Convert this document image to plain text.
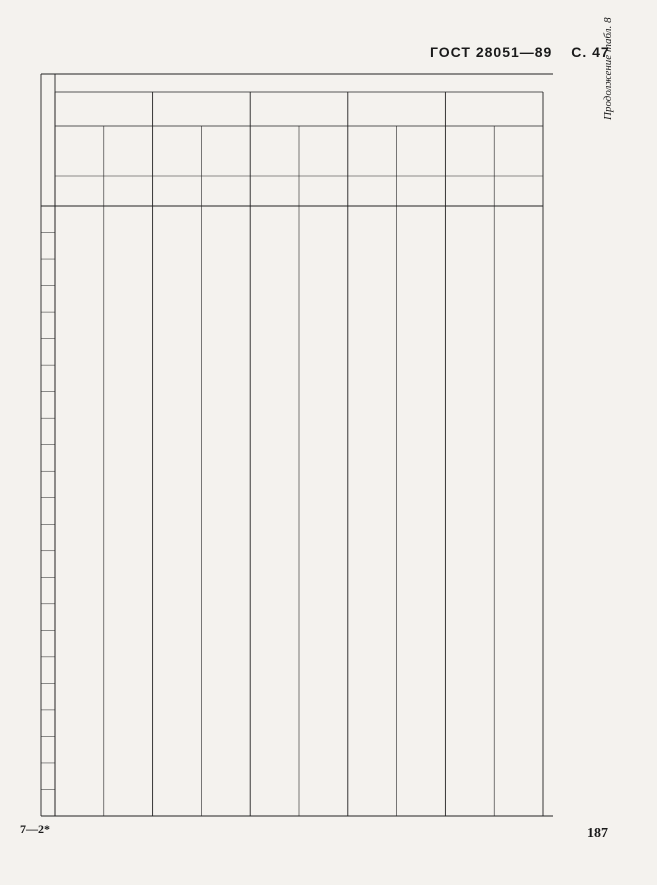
ГОСТ 28051—89 С. 47
Продолжение табл. 8
7—2*	187
